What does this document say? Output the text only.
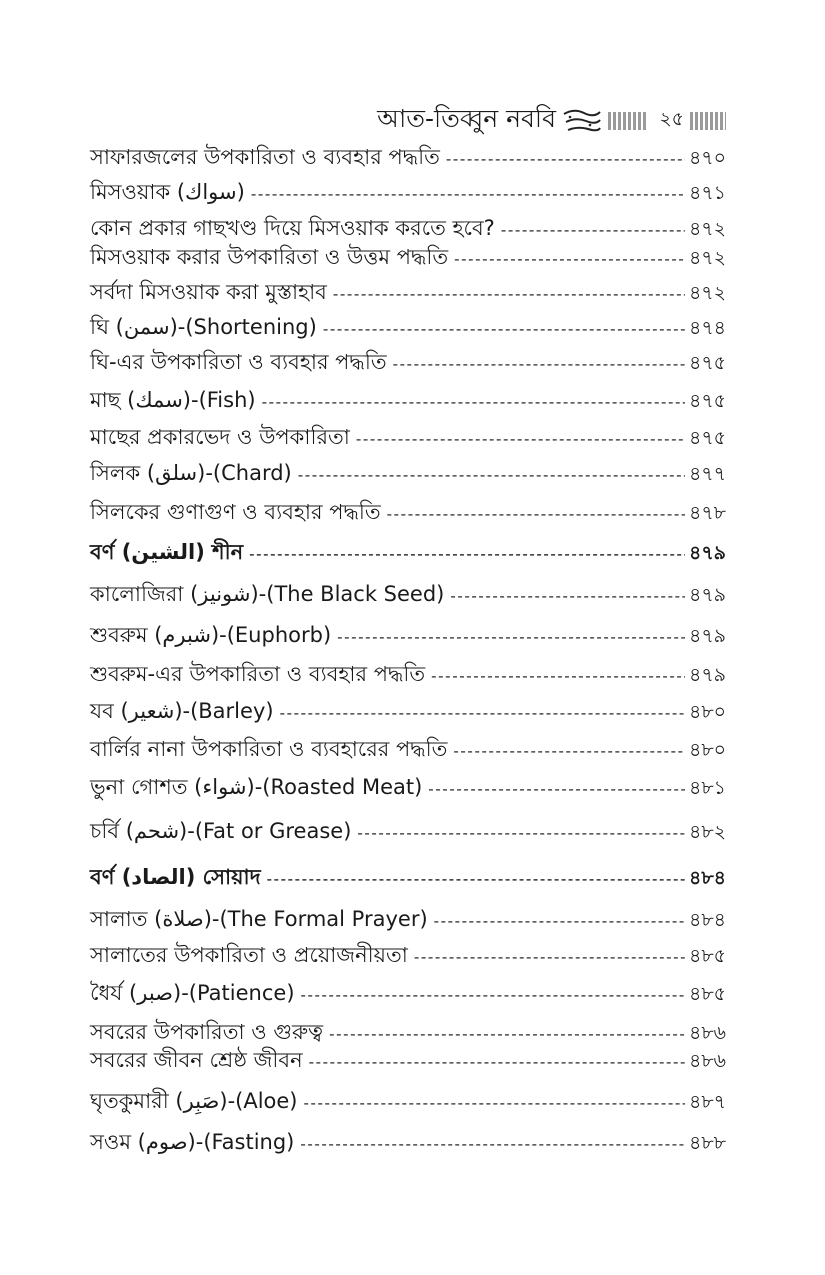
আত-তিব্বুন নববি	২৫
সাফারজলের উপকারিতা ও ব্যবহার পদ্ধতি -----	৪৭০
মিসওয়াক (سواك) -----	৪৭১
কোন প্রকার গাছখণ্ড দিয়ে মিসওয়াক করতে হবে? -----	৪৭২
মিসওয়াক করার উপকারিতা ও উত্তম পদ্ধতি -----	৪৭২
সর্বদা মিসওয়াক করা মুস্তাহাব -----	৪৭২
ঘি (سمن)-(Shortening) -----	৪৭৪
ঘি-এর উপকারিতা ও ব্যবহার পদ্ধতি -----	৪৭৫
মাছ (سمك)-(Fish) -----	৪৭৫
মাছের প্রকারভেদ ও উপকারিতা -----	৪৭৫
সিলক (سلق)-(Chard) -----	৪৭৭
সিলকের গুণাগুণ ও ব্যবহার পদ্ধতি -----	৪৭৮
বর্ণ (الشين) শীন -----	৪৭৯
কালোজিরা (شونيز)-(The Black Seed) -----	৪৭৯
শুবরুম (شبرم)-(Euphorb) -----	৪৭৯
শুবরুম-এর উপকারিতা ও ব্যবহার পদ্ধতি -----	৪৭৯
যব (شعير)-(Barley) -----	৪৮০
বার্লির নানা উপকারিতা ও ব্যবহারের পদ্ধতি -----	৪৮০
ভুনা গোশত (شواء)-(Roasted Meat) -----	৪৮১
চর্বি (شحم)-(Fat or Grease) -----	৪৮২
বর্ণ (الصاد) সোয়াদ -----	৪৮৪
সালাত (صلاة)-(The Formal Prayer) -----	৪৮৪
সালাতের উপকারিতা ও প্রয়োজনীয়তা -----	৪৮৫
ধৈর্য (صبر)-(Patience) -----	৪৮৫
সবরের উপকারিতা ও গুরুত্ব -----	৪৮৬
সবরের জীবন শ্রেষ্ঠ জীবন -----	৪৮৬
ঘৃতকুমারী (صَبِر)-(Aloe) -----	৪৮৭
সওম (صوم)-(Fasting) -----	৪৮৮
